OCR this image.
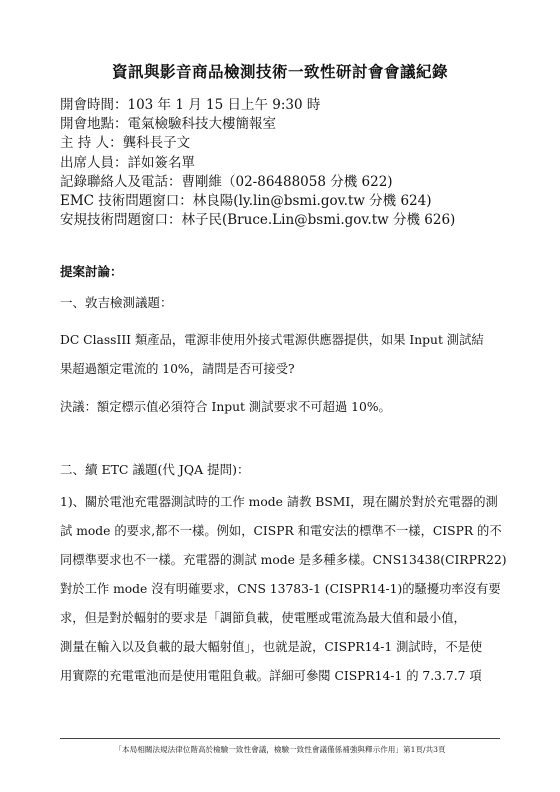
資訊與影音商品檢測技術一致性研討會會議紀錄
開會時間：103 年 1 月 15 日上午 9:30 時
開會地點：電氣檢驗科技大樓簡報室
主 持 人：龔科長子文
出席人員：詳如簽名單
記錄聯絡人及電話：曹剛維（02-86488058 分機 622)
EMC 技術問題窗口：林良陽(ly.lin@bsmi.gov.tw 分機 624)
安規技術問題窗口：林子民(Bruce.Lin@bsmi.gov.tw 分機 626)
提案討論：
一、敦吉檢測議題：
DC ClassIII 類產品，電源非使用外接式電源供應器提供，如果 Input 測試結
果超過額定電流的 10%，請問是否可接受?
決議：額定標示值必須符合 Input 測試要求不可超過 10%。
二、續 ETC 議題(代 JQA 提問)：
1)、關於電池充電器測試時的工作 mode 請教 BSMI，現在關於對於充電器的測
試 mode 的要求,都不一樣。例如，CISPR 和電安法的標準不一樣，CISPR 的不
同標準要求也不一樣。充電器的測試 mode 是多種多樣。CNS13438(CIRPR22)
對於工作 mode 沒有明確要求，CNS 13783-1 (CISPR14-1)的騷擾功率沒有要
求，但是對於輻射的要求是「調節負載，使電壓或電流為最大值和最小值，
測量在輸入以及負載的最大輻射值」，也就是說，CISPR14-1 測試時，不是使
用實際的充電電池而是使用電阻負載。詳細可參閱 CISPR14-1 的 7.3.7.7 項
「本局相關法規法律位階高於檢驗一致性會議，檢驗一致性會議僅係補強與釋示作用」第1頁/共3頁
